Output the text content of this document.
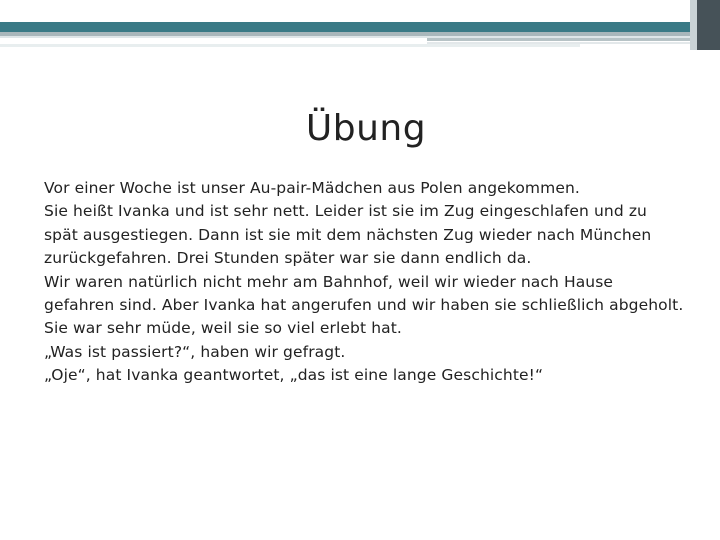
Übung

Vor einer Woche ist unser Au-pair-Mädchen aus Polen angekommen.

Sie heißt Ivanka und ist sehr nett. Leider ist sie im Zug eingeschlafen und zu spät ausgestiegen. Dann ist sie mit dem nächsten Zug wieder nach München zurückgefahren. Drei Stunden später war sie dann endlich da.

Wir waren natürlich nicht mehr am Bahnhof, weil wir wieder nach Hause gefahren sind. Aber Ivanka hat angerufen und wir haben sie schließlich abgeholt. Sie war sehr müde, weil sie so viel erlebt hat.

„Was ist passiert?“, haben wir gefragt.

„Oje“, hat Ivanka geantwortet, „das ist eine lange Geschichte!“
